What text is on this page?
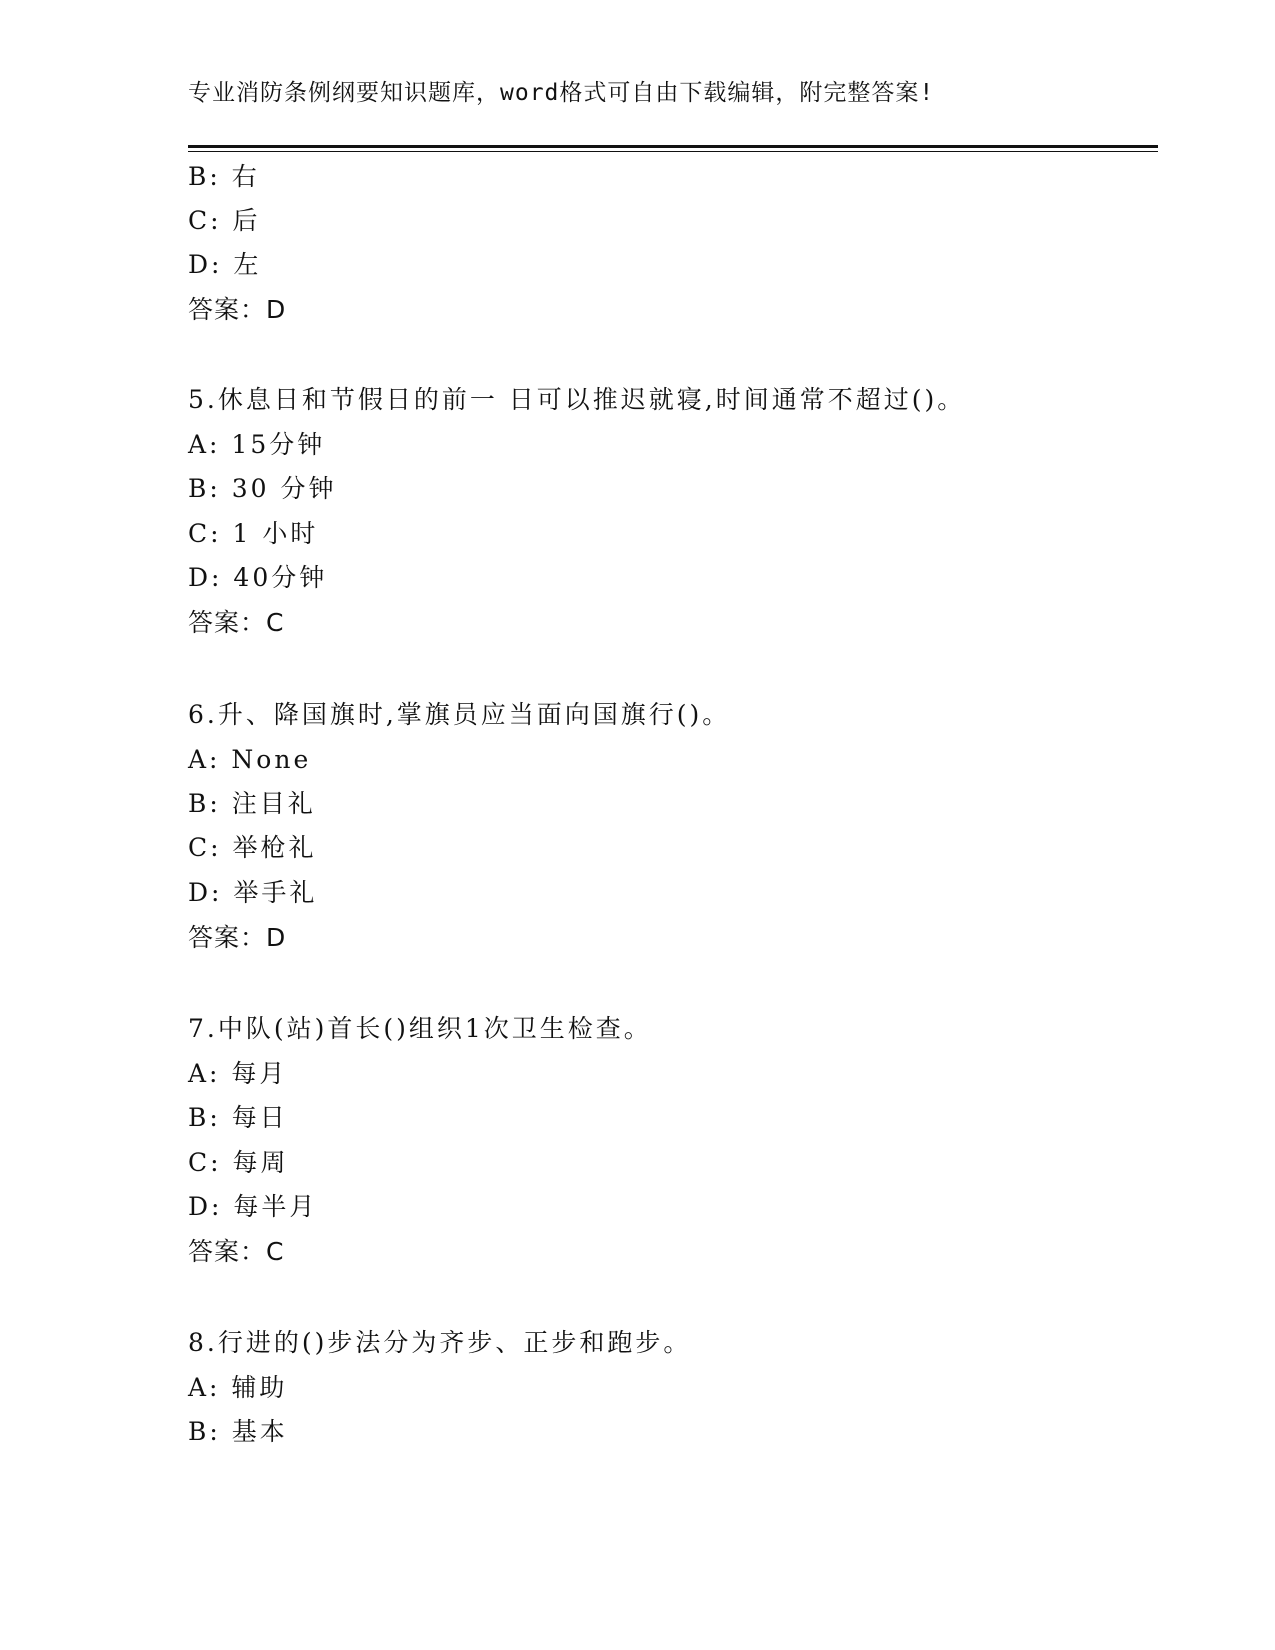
专业消防条例纲要知识题库，word格式可自由下载编辑，附完整答案!
B: 右
C: 后
D: 左
答案：D
5.休息日和节假日的前一 日可以推迟就寝,时间通常不超过()。
A: 15分钟
B: 30 分钟
C: 1 小时
D: 40分钟
答案：C
6.升、降国旗时,掌旗员应当面向国旗行()。
A: None
B: 注目礼
C: 举枪礼
D: 举手礼
答案：D
7.中队(站)首长()组织1次卫生检查。
A: 每月
B: 每日
C: 每周
D: 每半月
答案：C
8.行进的()步法分为齐步、正步和跑步。
A: 辅助
B: 基本
